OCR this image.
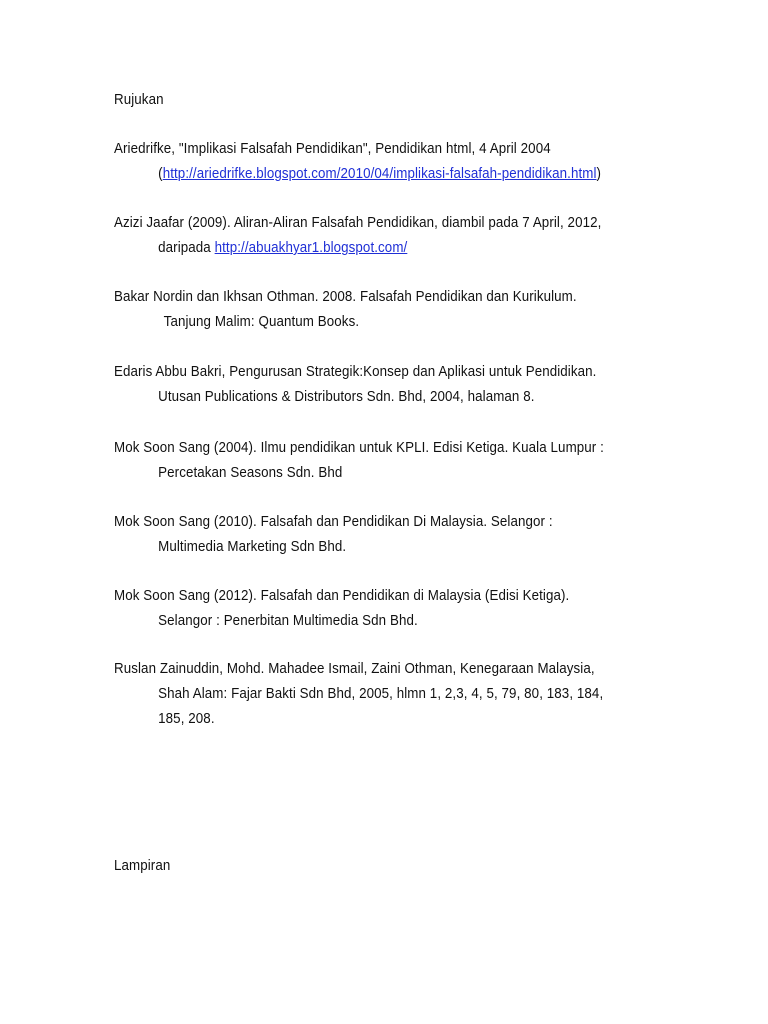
Rujukan
Ariedrifke, "Implikasi Falsafah Pendidikan", Pendidikan html, 4 April 2004
(http://ariedrifke.blogspot.com/2010/04/implikasi-falsafah-pendidikan.html)
Azizi Jaafar (2009). Aliran-Aliran Falsafah Pendidikan, diambil pada 7 April, 2012,
daripada http://abuakhyar1.blogspot.com/
Bakar Nordin dan Ikhsan Othman. 2008. Falsafah Pendidikan dan Kurikulum.
Tanjung Malim: Quantum Books.
Edaris Abbu Bakri, Pengurusan Strategik:Konsep dan Aplikasi untuk Pendidikan.
Utusan Publications & Distributors Sdn. Bhd, 2004, halaman 8.
Mok Soon Sang (2004). Ilmu pendidikan untuk KPLI. Edisi Ketiga. Kuala Lumpur :
Percetakan Seasons Sdn. Bhd
Mok Soon Sang (2010). Falsafah dan Pendidikan Di Malaysia. Selangor :
Multimedia Marketing Sdn Bhd.
Mok Soon Sang (2012). Falsafah dan Pendidikan di Malaysia (Edisi Ketiga).
Selangor : Penerbitan Multimedia Sdn Bhd.
Ruslan Zainuddin, Mohd. Mahadee Ismail, Zaini Othman, Kenegaraan Malaysia,
Shah Alam: Fajar Bakti Sdn Bhd, 2005, hlmn 1, 2,3, 4, 5, 79, 80, 183, 184,
185, 208.
Lampiran
